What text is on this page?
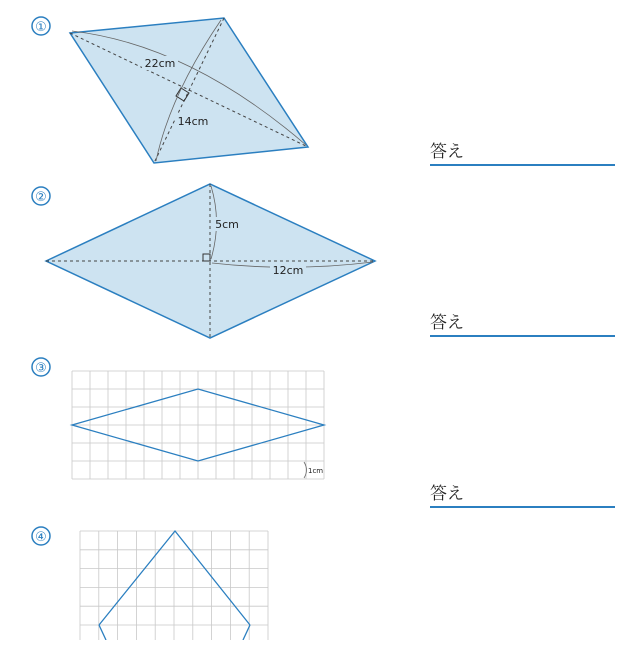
①
22cm
14cm
②
5cm
12cm
③
1cm
④
答え
答え
答え
